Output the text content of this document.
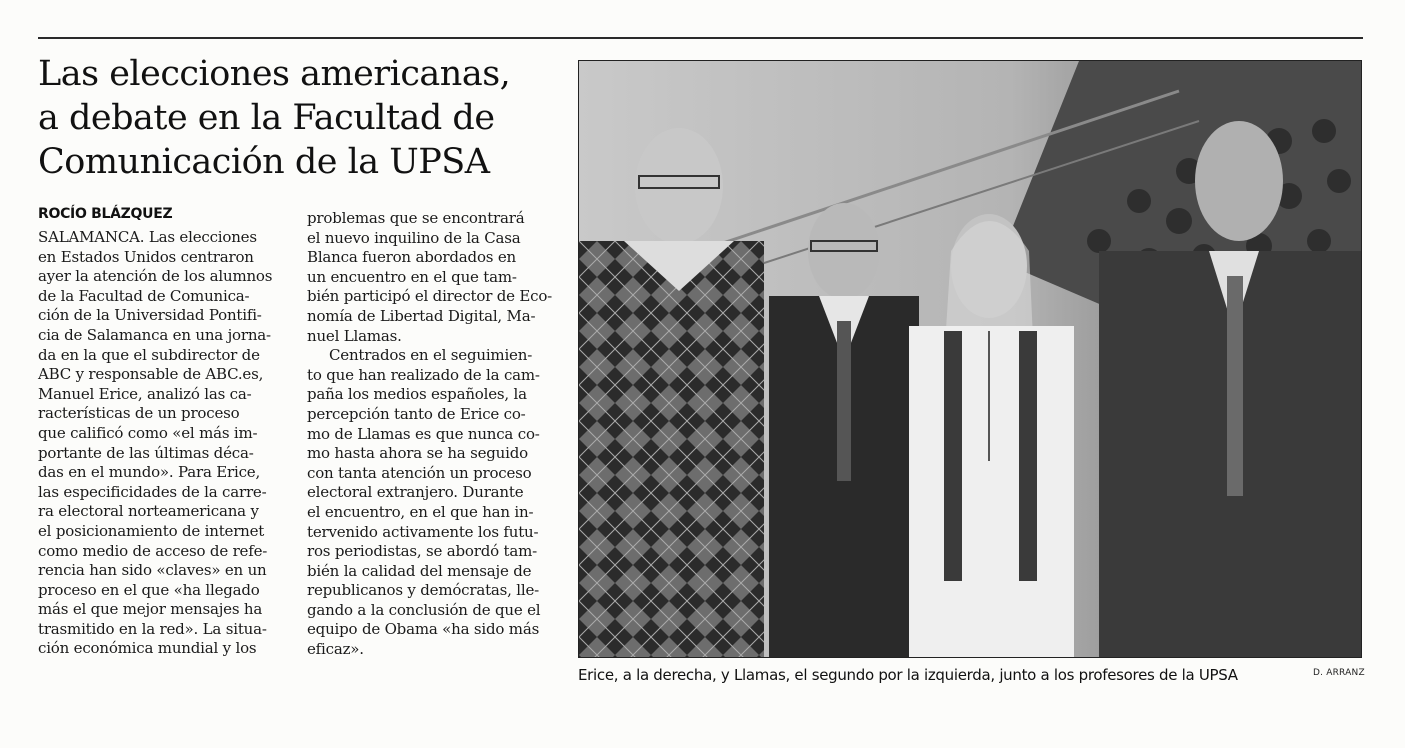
Las elecciones americanas,
a debate en la Facultad de
Comunicación de la UPSA
ROCÍO BLÁZQUEZ
SALAMANCA. Las elecciones
en Estados Unidos centraron
ayer la atención de los alumnos
de la Facultad de Comunica-
ción de la Universidad Pontifi-
cia de Salamanca en una jorna-
da en la que el subdirector de
ABC y responsable de ABC.es,
Manuel Erice, analizó las ca-
racterísticas de un proceso
que calificó como «el más im-
portante de las últimas déca-
das en el mundo». Para Erice,
las especificidades de la carre-
ra electoral norteamericana y
el posicionamiento de internet
como medio de acceso de refe-
rencia han sido «claves» en un
proceso en el que «ha llegado
más el que mejor mensajes ha
trasmitido en la red». La situa-
ción económica mundial y los
problemas que se encontrará
el nuevo inquilino de la Casa
Blanca fueron abordados en
un encuentro en el que tam-
bién participó el director de Eco-
nomía de Libertad Digital, Ma-
nuel Llamas.
Centrados en el seguimien-
to que han realizado de la cam-
paña los medios españoles, la
percepción tanto de Erice co-
mo de Llamas es que nunca co-
mo hasta ahora se ha seguido
con tanta atención un proceso
electoral extranjero. Durante
el encuentro, en el que han in-
tervenido activamente los futu-
ros periodistas, se abordó tam-
bién la calidad del mensaje de
republicanos y demócratas, lle-
gando a la conclusión de que el
equipo de Obama «ha sido más
eficaz».
Erice, a la derecha, y Llamas, el segundo por la izquierda, junto a los profesores de la UPSA	D. ARRANZ
